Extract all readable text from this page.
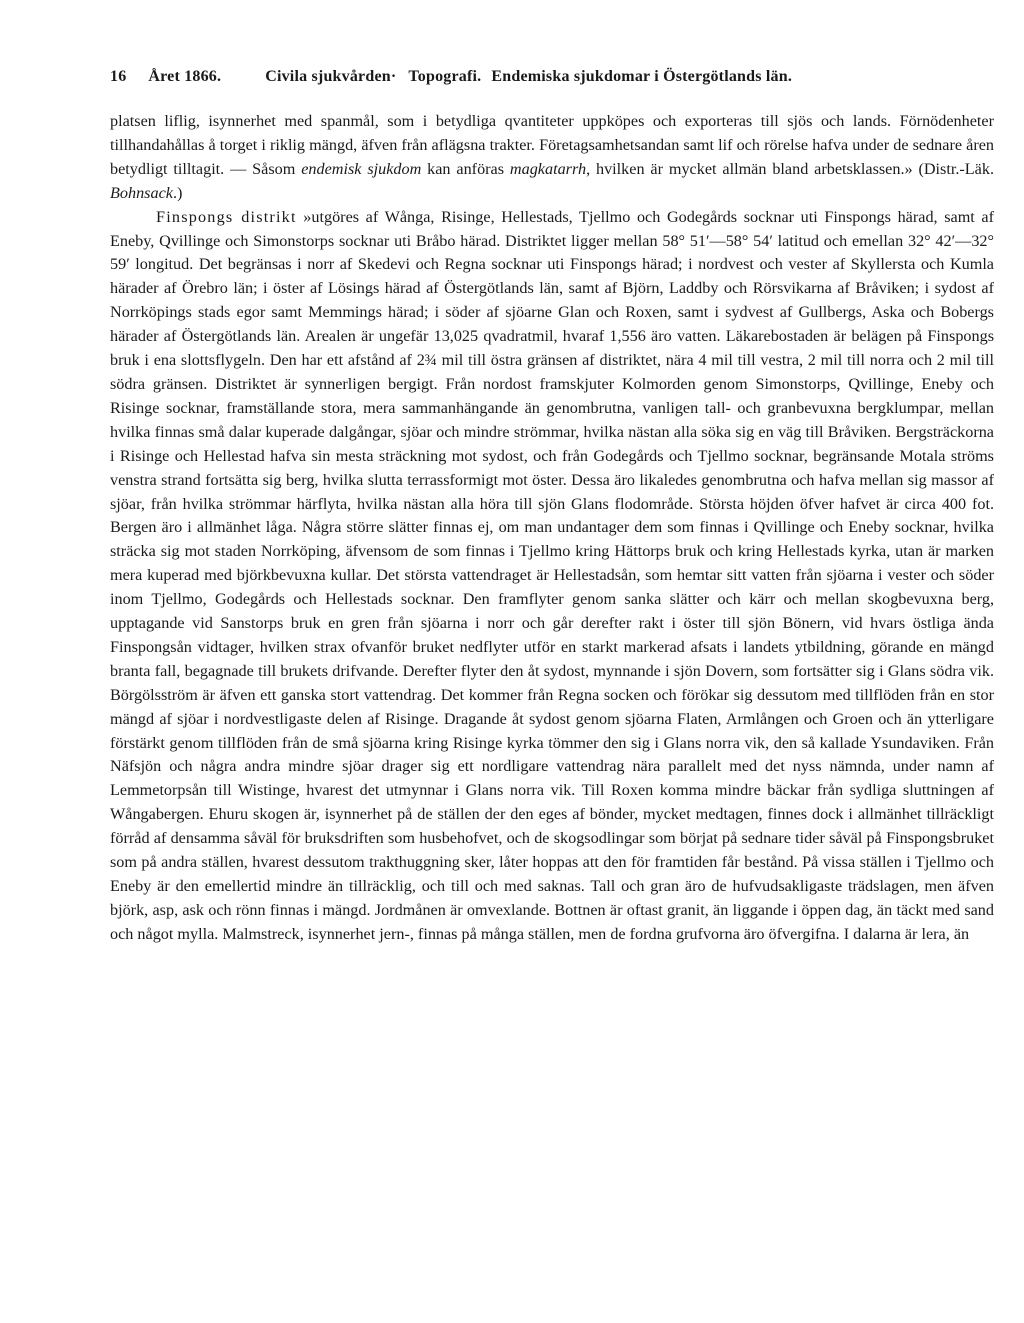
16 Året 1866.	Civila sjukvården· Topografi. Endemiska sjukdomar i Östergötlands län.

platsen liflig, isynnerhet med spanmål, som i betydliga qvantiteter uppköpes och exporteras till sjös och lands. Förnödenheter tillhandahållas å torget i riklig mängd, äfven från aflägsna trakter. Företagsamhetsandan samt lif och rörelse hafva under de sednare åren betydligt tilltagit. — Såsom endemisk sjukdom kan anföras magkatarrh, hvilken är mycket allmän bland arbetsklassen.» (Distr.-Läk. Bohnsack.)

Finspongs distrikt »utgöres af Wånga, Risinge, Hellestads, Tjellmo och Godegårds socknar uti Finspongs härad, samt af Eneby, Qvillinge och Simonstorps socknar uti Bråbo härad. Distriktet ligger mellan 58° 51′—58° 54′ latitud och emellan 32° 42′—32° 59′ longitud. Det begränsas i norr af Skedevi och Regna socknar uti Finspongs härad; i nordvest och vester af Skyllersta och Kumla härader af Örebro län; i öster af Lösings härad af Östergötlands län, samt af Björn, Laddby och Rörsvikarna af Bråviken; i sydost af Norrköpings stads egor samt Memmings härad; i söder af sjöarne Glan och Roxen, samt i sydvest af Gullbergs, Aska och Bobergs härader af Östergötlands län. Arealen är ungefär 13,025 qvadratmil, hvaraf 1,556 äro vatten. Läkarebostaden är belägen på Finspongs bruk i ena slottsflygeln. Den har ett afstånd af 2¾ mil till östra gränsen af distriktet, nära 4 mil till vestra, 2 mil till norra och 2 mil till södra gränsen. Distriktet är synnerligen bergigt. Från nordost framskjuter Kolmorden genom Simonstorps, Qvillinge, Eneby och Risinge socknar, framställande stora, mera sammanhängande än genombrutna, vanligen tall- och granbevuxna bergklumpar, mellan hvilka finnas små dalar kuperade dalgångar, sjöar och mindre strömmar, hvilka nästan alla söka sig en väg till Bråviken. Bergsträckorna i Risinge och Hellestad hafva sin mesta sträckning mot sydost, och från Godegårds och Tjellmo socknar, begränsande Motala ströms venstra strand fortsätta sig berg, hvilka slutta terrassformigt mot öster. Dessa äro likaledes genombrutna och hafva mellan sig massor af sjöar, från hvilka strömmar härflyta, hvilka nästan alla höra till sjön Glans flodområde. Största höjden öfver hafvet är circa 400 fot. Bergen äro i allmänhet låga. Några större slätter finnas ej, om man undantager dem som finnas i Qvillinge och Eneby socknar, hvilka sträcka sig mot staden Norrköping, äfvensom de som finnas i Tjellmo kring Hättorps bruk och kring Hellestads kyrka, utan är marken mera kuperad med björkbevuxna kullar. Det största vattendraget är Hellestadsån, som hemtar sitt vatten från sjöarna i vester och söder inom Tjellmo, Godegårds och Hellestads socknar. Den framflyter genom sanka slätter och kärr och mellan skogbevuxna berg, upptagande vid Sanstorps bruk en gren från sjöarna i norr och går derefter rakt i öster till sjön Bönern, vid hvars östliga ända Finspongsån vidtager, hvilken strax ofvanför bruket nedflyter utför en starkt markerad afsats i landets ytbildning, görande en mängd branta fall, begagnade till brukets drifvande. Derefter flyter den åt sydost, mynnande i sjön Dovern, som fortsätter sig i Glans södra vik. Börgölsström är äfven ett ganska stort vattendrag. Det kommer från Regna socken och förökar sig dessutom med tillflöden från en stor mängd af sjöar i nordvestligaste delen af Risinge. Dragande åt sydost genom sjöarna Flaten, Armlången och Groen och än ytterligare förstärkt genom tillflöden från de små sjöarna kring Risinge kyrka tömmer den sig i Glans norra vik, den så kallade Ysundaviken. Från Näfsjön och några andra mindre sjöar drager sig ett nordligare vattendrag nära parallelt med det nyss nämnda, under namn af Lemmetorpsån till Wistinge, hvarest det utmynnar i Glans norra vik. Till Roxen komma mindre bäckar från sydliga sluttningen af Wångabergen. Ehuru skogen är, isynnerhet på de ställen der den eges af bönder, mycket medtagen, finnes dock i allmänhet tillräckligt förråd af densamma såväl för bruksdriften som husbehofvet, och de skogsodlingar som börjat på sednare tider såväl på Finspongsbruket som på andra ställen, hvarest dessutom trakthuggning sker, låter hoppas att den för framtiden får bestånd. På vissa ställen i Tjellmo och Eneby är den emellertid mindre än tillräcklig, och till och med saknas. Tall och gran äro de hufvudsakligaste trädslagen, men äfven björk, asp, ask och rönn finnas i mängd. Jordmånen är omvexlande. Bottnen är oftast granit, än liggande i öppen dag, än täckt med sand och något mylla. Malmstreck, isynnerhet jern-, finnas på många ställen, men de fordna grufvorna äro öfvergifna. I dalarna är lera, än
